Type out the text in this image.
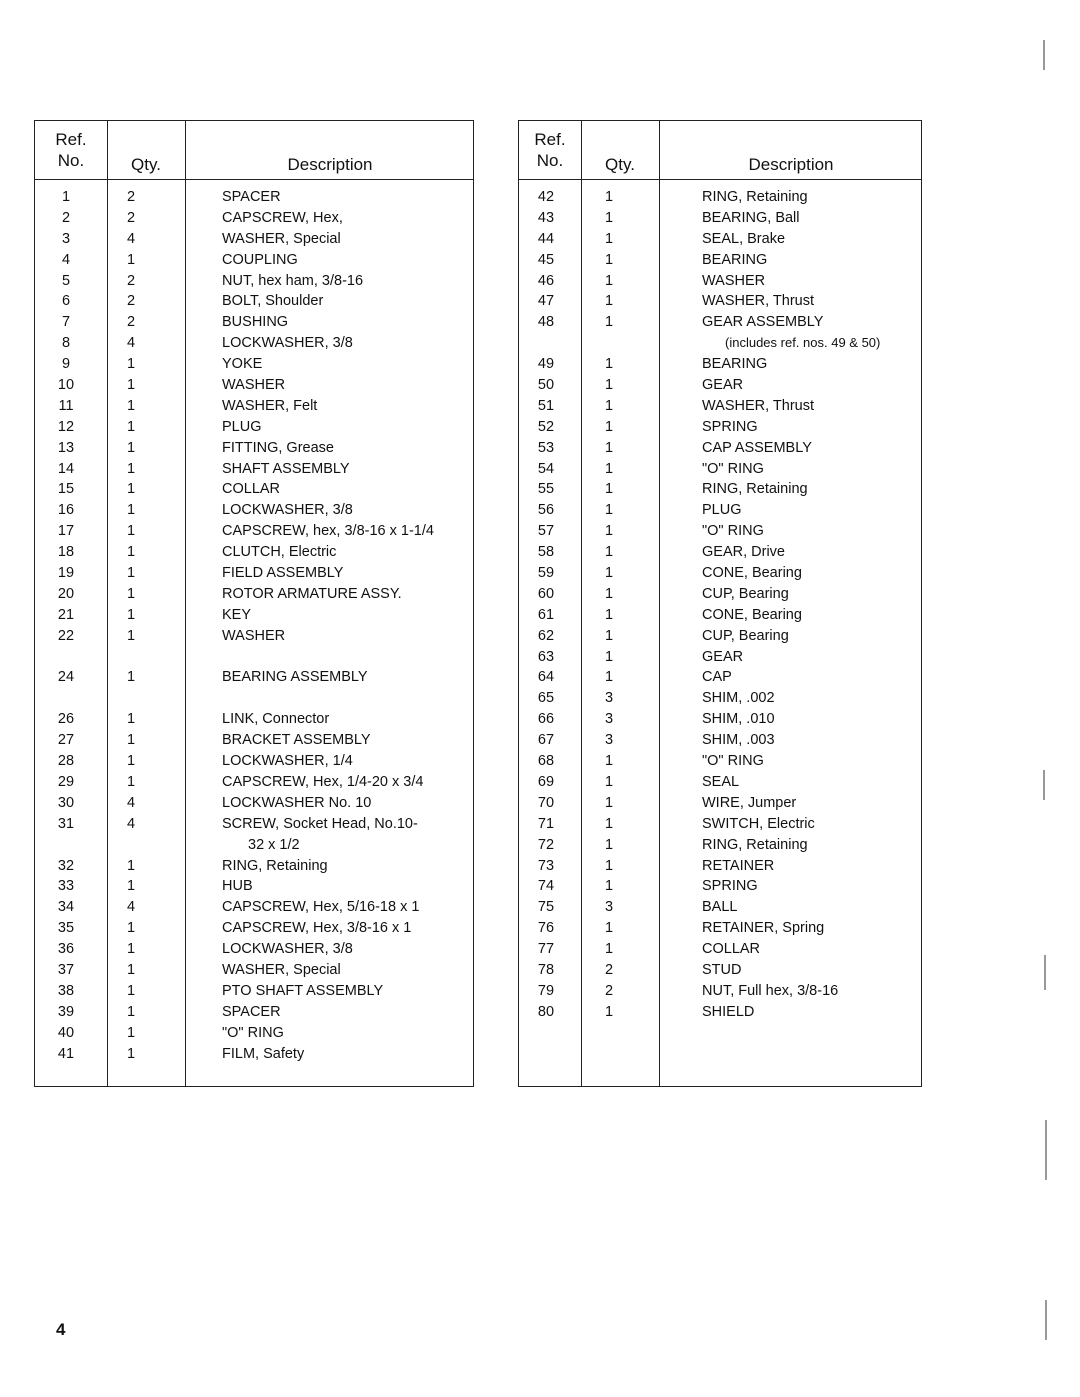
Ref.
No.	Qty.	Description
1	2	SPACER
2	2	CAPSCREW, Hex,
3	4	WASHER, Special
4	1	COUPLING
5	2	NUT, hex ham, 3/8-16
6	2	BOLT, Shoulder
7	2	BUSHING
8	4	LOCKWASHER, 3/8
9	1	YOKE
10	1	WASHER
11	1	WASHER, Felt
12	1	PLUG
13	1	FITTING, Grease
14	1	SHAFT ASSEMBLY
15	1	COLLAR
16	1	LOCKWASHER, 3/8
17	1	CAPSCREW, hex, 3/8-16 x 1-1/4
18	1	CLUTCH, Electric
19	1	FIELD ASSEMBLY
20	1	ROTOR ARMATURE ASSY.
21	1	KEY
22	1	WASHER
24	1	BEARING ASSEMBLY
26	1	LINK, Connector
27	1	BRACKET ASSEMBLY
28	1	LOCKWASHER, 1/4
29	1	CAPSCREW, Hex, 1/4-20 x 3/4
30	4	LOCKWASHER No. 10
31	4	SCREW, Socket Head, No.10-
32 x 1/2
32	1	RING, Retaining
33	1	HUB
34	4	CAPSCREW, Hex, 5/16-18 x 1
35	1	CAPSCREW, Hex, 3/8-16 x 1
36	1	LOCKWASHER, 3/8
37	1	WASHER, Special
38	1	PTO SHAFT ASSEMBLY
39	1	SPACER
40	1	"O" RING
41	1	FILM, Safety
Ref.
No. Qty.	Description
42	1	RING, Retaining
43	1	BEARING, Ball
44	1	SEAL, Brake
45	1	BEARING
46	1	WASHER
47	1	WASHER, Thrust
48	1	GEAR ASSEMBLY
(includes ref. nos. 49 & 50)
49	1	BEARING
50	1	GEAR
51	1	WASHER, Thrust
52	1	SPRING
53	1	CAP ASSEMBLY
54	1	"O" RING
55	1	RING, Retaining
56	1	PLUG
57	1	"O" RING
58	1	GEAR, Drive
59	1	CONE, Bearing
60	1	CUP, Bearing
61	1	CONE, Bearing
62	1	CUP, Bearing
63	1	GEAR
64	1	CAP
65	3	SHIM, .002
66	3	SHIM, .010
67	3	SHIM, .003
68	1	"O" RING
69	1	SEAL
70	1	WIRE, Jumper
71	1	SWITCH, Electric
72	1	RING, Retaining
73	1	RETAINER
74	1	SPRING
75	3	BALL
76	1	RETAINER, Spring
77	1	COLLAR
78	2	STUD
79	2	NUT, Full hex, 3/8-16
80	1	SHIELD
4
